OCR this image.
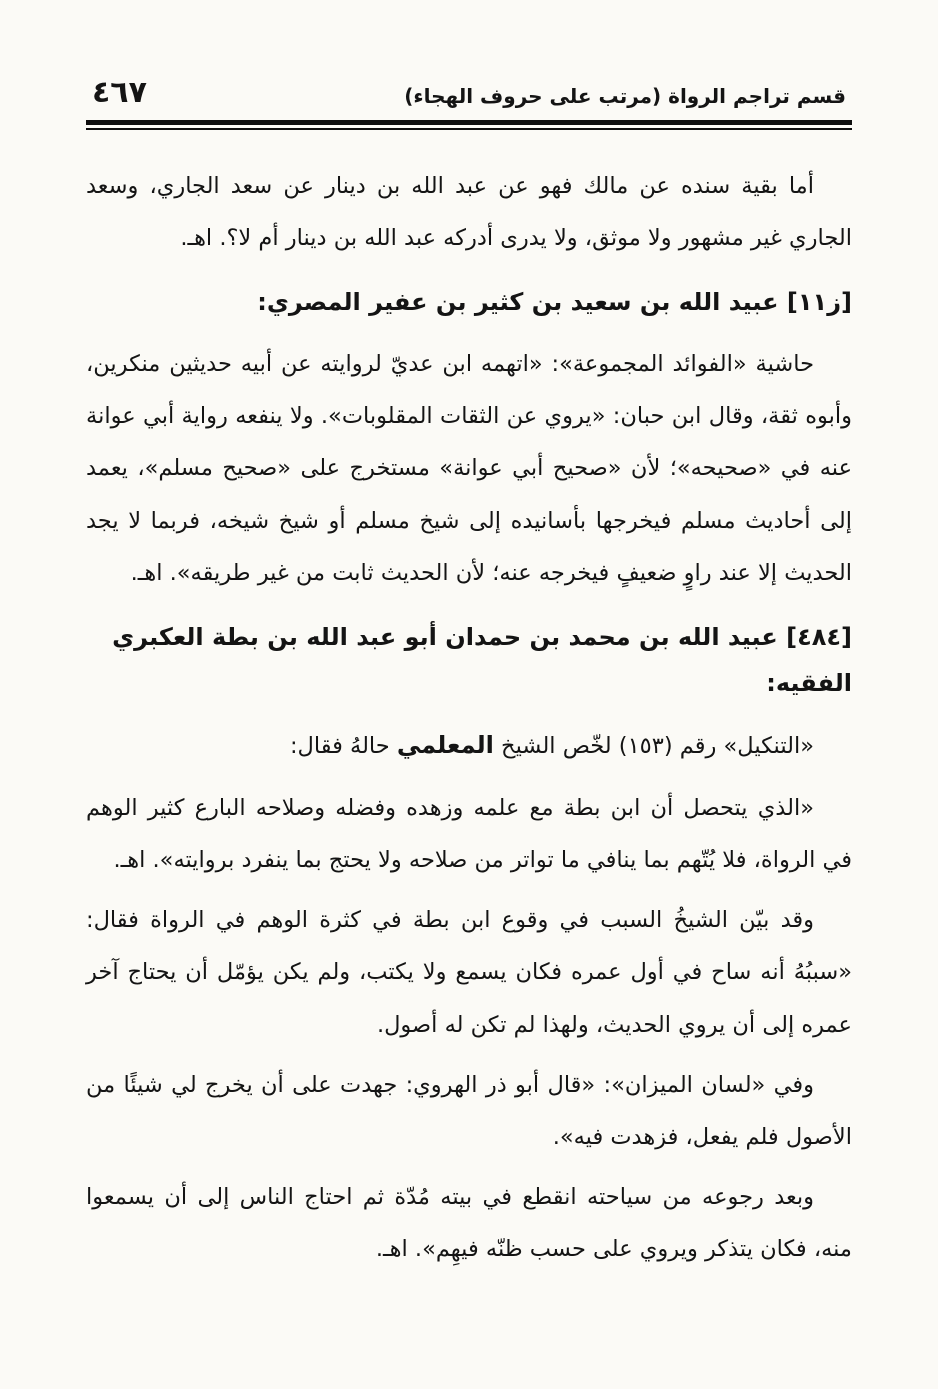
قسم تراجم الرواة (مرتب على حروف الهجاء)
٤٦٧

أما بقية سنده عن مالك فهو عن عبد الله بن دينار عن سعد الجاري، وسعد الجاري غير مشهور ولا موثق، ولا يدرى أدركه عبد الله بن دينار أم لا؟. اهـ.

[ز١١] عبيد الله بن سعيد بن كثير بن عفير المصري:

حاشية «الفوائد المجموعة»: «اتهمه ابن عديّ لروايته عن أبيه حديثين منكرين، وأبوه ثقة، وقال ابن حبان: «يروي عن الثقات المقلوبات». ولا ينفعه رواية أبي عوانة عنه في «صحيحه»؛ لأن «صحيح أبي عوانة» مستخرج على «صحيح مسلم»، يعمد إلى أحاديث مسلم فيخرجها بأسانيده إلى شيخ مسلم أو شيخ شيخه، فربما لا يجد الحديث إلا عند راوٍ ضعيفٍ فيخرجه عنه؛ لأن الحديث ثابت من غير طريقه». اهـ.

[٤٨٤] عبيد الله بن محمد بن حمدان أبو عبد الله بن بطة العكبري الفقيه:

«التنكيل» رقم (١٥٣) لخّص الشيخ المعلمي حالهُ فقال:

«الذي يتحصل أن ابن بطة مع علمه وزهده وفضله وصلاحه البارع كثير الوهم في الرواة، فلا يُتّهم بما ينافي ما تواتر من صلاحه ولا يحتج بما ينفرد بروايته». اهـ.

وقد بيّن الشيخُ السبب في وقوع ابن بطة في كثرة الوهم في الرواة فقال: «سببُهُ أنه ساح في أول عمره فكان يسمع ولا يكتب، ولم يكن يؤمّل أن يحتاج آخر عمره إلى أن يروي الحديث، ولهذا لم تكن له أصول.

وفي «لسان الميزان»: «قال أبو ذر الهروي: جهدت على أن يخرج لي شيئًا من الأصول فلم يفعل، فزهدت فيه».

وبعد رجوعه من سياحته انقطع في بيته مُدّة ثم احتاج الناس إلى أن يسمعوا منه، فكان يتذكر ويروي على حسب ظنّه فيهِم». اهـ.
